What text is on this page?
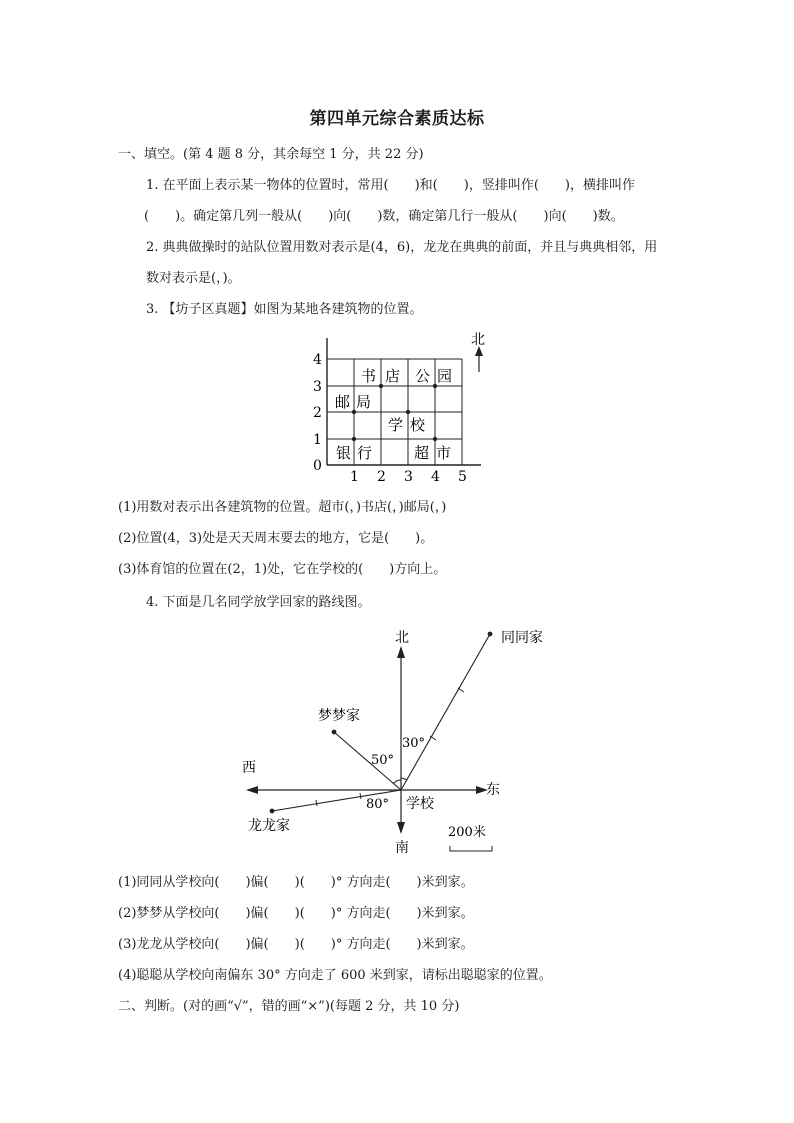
第四单元综合素质达标
一、填空。(第 4 题 8 分，其余每空 1 分，共 22 分)
1. 在平面上表示某一物体的位置时，常用(　　)和(　　)，竖排叫作(　　)，横排叫作
(　　)。确定第几列一般从(　　)向(　　)数，确定第几行一般从(　　)向(　　)数。
2. 典典做操时的站队位置用数对表示是(4，6)，龙龙在典典的前面，并且与典典相邻，用
数对表示是(，)。
3. 【坊子区真题】如图为某地各建筑物的位置。
北
0
1
2
3
4
1 2 3 4 5
书 店 公 园
邮 局
学 校
银 行	超 市
(1)用数对表示出各建筑物的位置。超市(，)书店(，)邮局(，)
(2)位置(4，3)处是天天周末要去的地方，它是(　　)。
(3)体育馆的位置在(2，1)处，它在学校的(　　)方向上。
4. 下面是几名同学放学回家的路线图。
北
南
西
东
同同家
梦梦家
龙龙家
30°
50°
80° 学校
200米
(1)同同从学校向(　　)偏(　　)(　　)° 方向走(　　)米到家。
(2)梦梦从学校向(　　)偏(　　)(　　)° 方向走(　　)米到家。
(3)龙龙从学校向(　　)偏(　　)(　　)° 方向走(　　)米到家。
(4)聪聪从学校向南偏东 30° 方向走了 600 米到家，请标出聪聪家的位置。
二、判断。(对的画“√”，错的画“×”)(每题 2 分，共 10 分)
